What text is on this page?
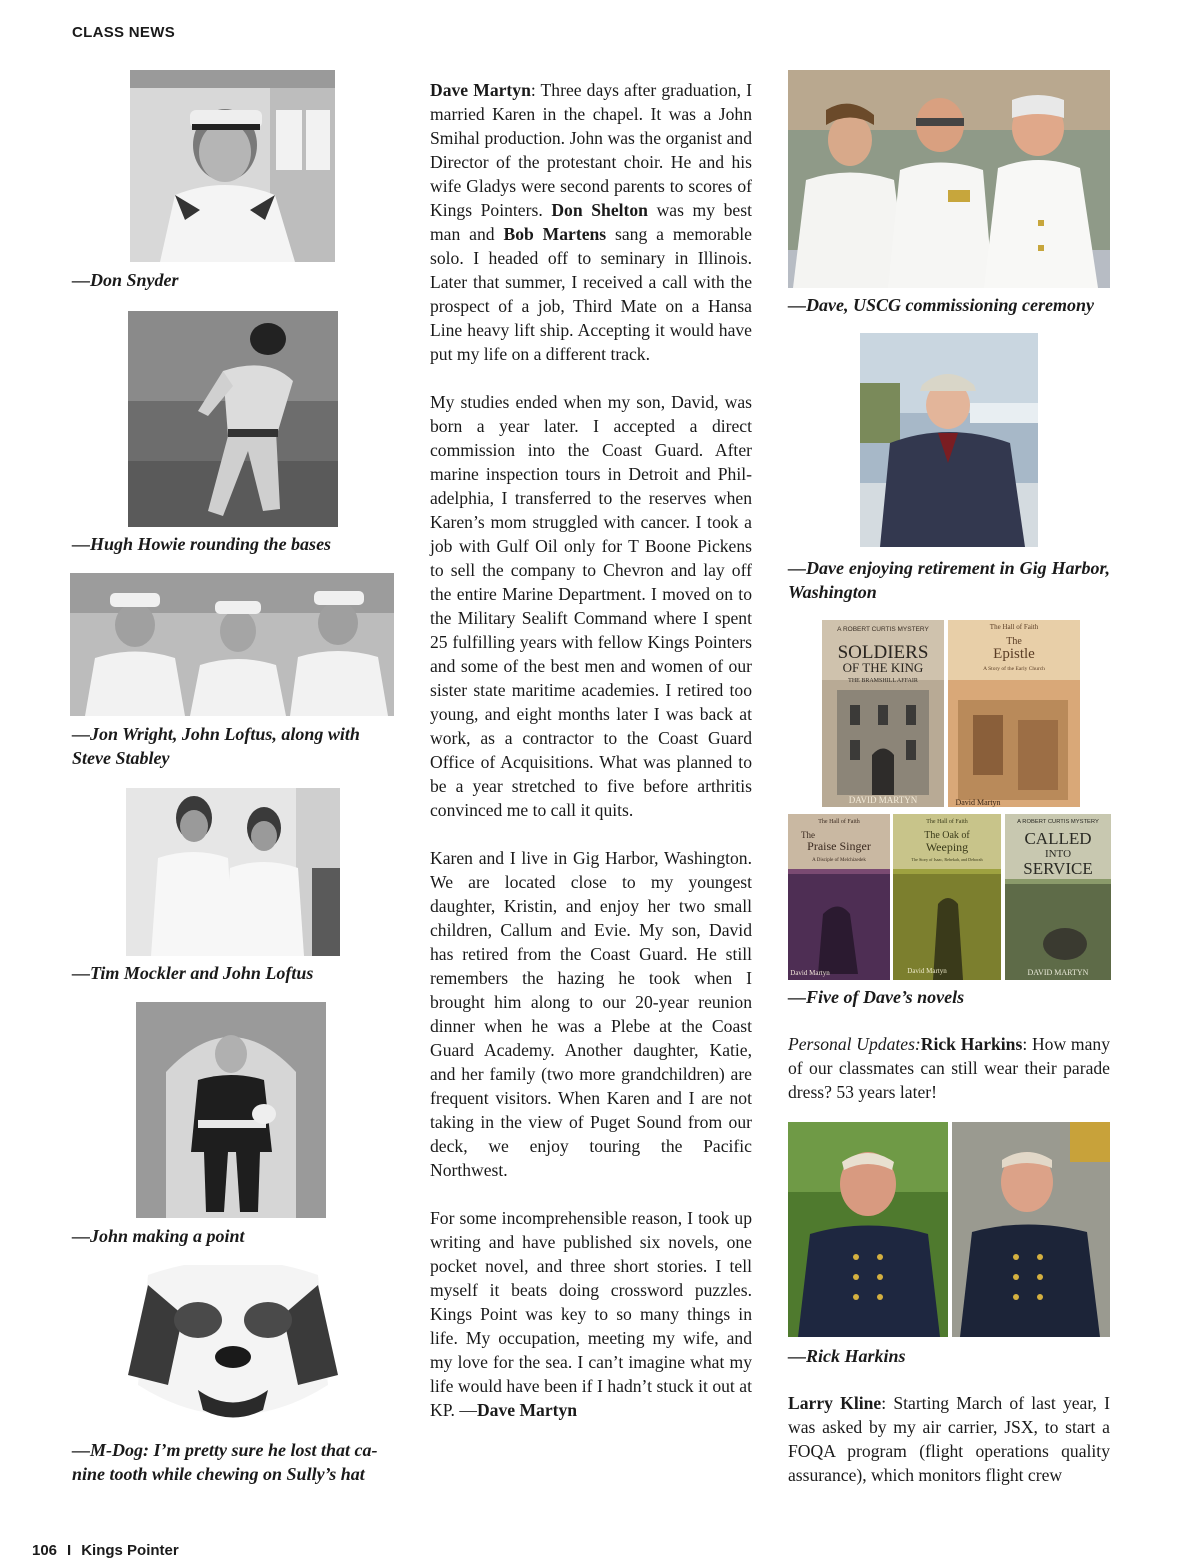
CLASS NEWS
—Don Snyder
—Hugh Howie rounding the bases
—Jon Wright, John Loftus, along with
Steve Stabley
—Tim Mockler and John Loftus
—John making a point
—M-Dog: I’m pretty sure he lost that ca-
nine tooth while chewing on Sully’s hat

Dave Martyn: Three days after graduation, I married Karen in the chapel. It was a John Smihal production. John was the organist and Director of the protestant choir. He and his wife Gladys were second parents to scores of Kings Pointers. Don Shelton was my best man and Bob Martens sang a memorable solo. I headed off to seminary in Illinois. Later that summer, I received a call with the prospect of a job, Third Mate on a Hansa Line heavy lift ship. Accepting it would have put my life on a different track.

My studies ended when my son, David, was born a year later. I accepted a direct commission into the Coast Guard. After marine inspection tours in Detroit and Philadelphia, I transferred to the reserves when Karen’s mom struggled with cancer. I took a job with Gulf Oil only for T Boone Pickens to sell the company to Chevron and lay off the entire Marine Department. I moved on to the Military Sealift Command where I spent 25 fulfilling years with fellow Kings Pointers and some of the best men and women of our sister state maritime academies. I retired too young, and eight months later I was back at work, as a contractor to the Coast Guard Office of Acquisitions. What was planned to be a year stretched to five before arthritis convinced me to call it quits.

Karen and I live in Gig Harbor, Washington. We are located close to my youngest daughter, Kristin, and enjoy her two small children, Callum and Evie. My son, David has retired from the Coast Guard. He still remembers the hazing he took when I brought him along to our 20-year reunion dinner when he was a Plebe at the Coast Guard Academy. Another daughter, Katie, and her family (two more grandchildren) are frequent visitors. When Karen and I are not taking in the view of Puget Sound from our deck, we enjoy touring the Pacific Northwest.

For some incomprehensible reason, I took up writing and have published six novels, one pocket novel, and three short stories. I tell myself it beats doing crossword puzzles. Kings Point was key to so many things in life. My occupation, meeting my wife, and my love for the sea. I can’t imagine what my life would have been if I hadn’t stuck it out at KP. —Dave Martyn

—Dave, USCG commissioning ceremony
—Dave enjoying retirement in Gig Harbor, Washington
A ROBERT CURTIS MYSTERY
SOLDIERS
OF THE KING
THE BRAMSHILL AFFAIR
DAVID MARTYN
The Hall of Faith
The
Epistle
A Story of the Early Church
David Martyn
The Hall of Faith
The
Praise Singer
A Disciple of Melchizedek
David Martyn
The Hall of Faith
The Oak of
Weeping
The Story of Isaac, Rebekah, and Deborah
David Martyn
A ROBERT CURTIS MYSTERY
CALLED
INTO
SERVICE
DAVID MARTYN
—Five of Dave’s novels

Personal Updates:Rick Harkins: How many of our classmates can still wear their parade dress? 53 years later!

—Rick Harkins

Larry Kline: Starting March of last year, I was asked by my air carrier, JSX, to start a FOQA program (flight operations quality assurance), which monitors flight crew

106 I Kings Pointer
